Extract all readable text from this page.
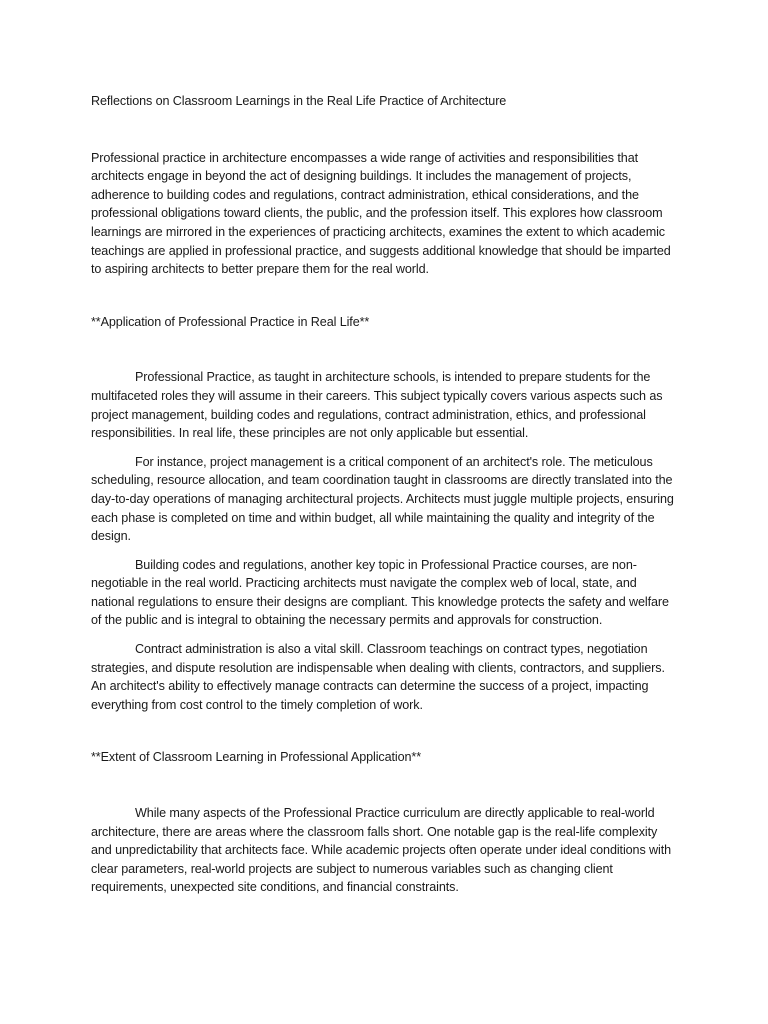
Reflections on Classroom Learnings in the Real Life Practice of Architecture

Professional practice in architecture encompasses a wide range of activities and responsibilities that architects engage in beyond the act of designing buildings. It includes the management of projects, adherence to building codes and regulations, contract administration, ethical considerations, and the professional obligations toward clients, the public, and the profession itself. This explores how classroom learnings are mirrored in the experiences of practicing architects, examines the extent to which academic teachings are applied in professional practice, and suggests additional knowledge that should be imparted to aspiring architects to better prepare them for the real world.

**Application of Professional Practice in Real Life**

Professional Practice, as taught in architecture schools, is intended to prepare students for the multifaceted roles they will assume in their careers. This subject typically covers various aspects such as project management, building codes and regulations, contract administration, ethics, and professional responsibilities. In real life, these principles are not only applicable but essential.

For instance, project management is a critical component of an architect's role. The meticulous scheduling, resource allocation, and team coordination taught in classrooms are directly translated into the day-to-day operations of managing architectural projects. Architects must juggle multiple projects, ensuring each phase is completed on time and within budget, all while maintaining the quality and integrity of the design.

Building codes and regulations, another key topic in Professional Practice courses, are non-negotiable in the real world. Practicing architects must navigate the complex web of local, state, and national regulations to ensure their designs are compliant. This knowledge protects the safety and welfare of the public and is integral to obtaining the necessary permits and approvals for construction.

Contract administration is also a vital skill. Classroom teachings on contract types, negotiation strategies, and dispute resolution are indispensable when dealing with clients, contractors, and suppliers. An architect's ability to effectively manage contracts can determine the success of a project, impacting everything from cost control to the timely completion of work.

**Extent of Classroom Learning in Professional Application**

While many aspects of the Professional Practice curriculum are directly applicable to real-world architecture, there are areas where the classroom falls short. One notable gap is the real-life complexity and unpredictability that architects face. While academic projects often operate under ideal conditions with clear parameters, real-world projects are subject to numerous variables such as changing client requirements, unexpected site conditions, and financial constraints.
